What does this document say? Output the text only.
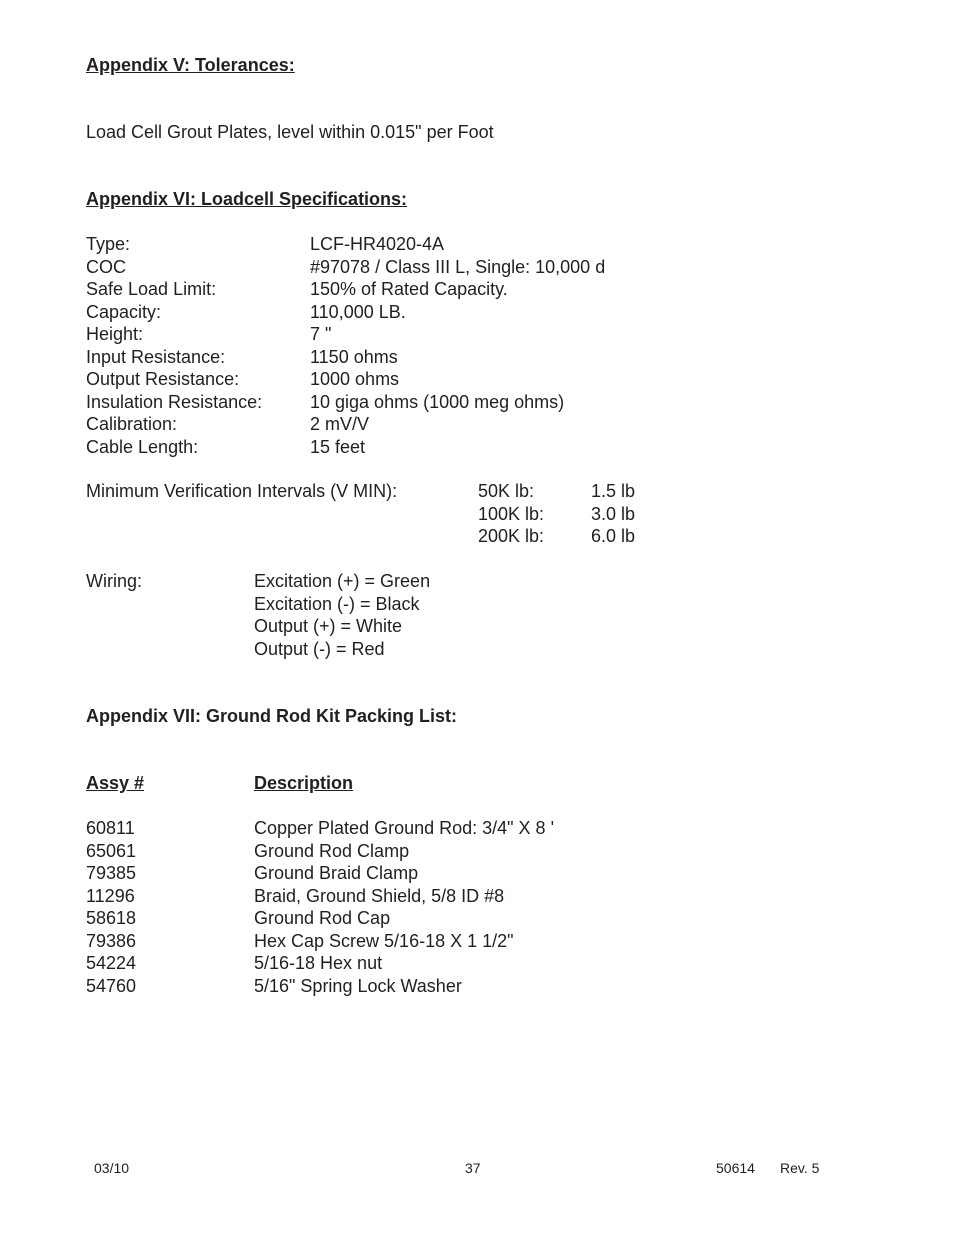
Appendix V: Tolerances:
Load Cell Grout Plates, level within 0.015" per Foot
Appendix VI: Loadcell Specifications:
Type:	LCF-HR4020-4A
COC	#97078 / Class III L, Single: 10,000 d
Safe Load Limit:	150% of Rated Capacity.
Capacity:	110,000 LB.
Height:	7 "
Input Resistance:	1150 ohms
Output Resistance:	1000 ohms
Insulation Resistance:	10 giga ohms (1000 meg ohms)
Calibration:	2 mV/V
Cable Length:	15 feet
Minimum Verification Intervals (V MIN):	50K lb:	1.5 lb
100K lb:	3.0 lb
200K lb:	6.0 lb
Wiring:	Excitation (+) = Green
Excitation (-) = Black
Output (+) = White
Output (-) = Red
Appendix VII: Ground Rod Kit Packing List:
Assy #	Description
60811	Copper Plated Ground Rod: 3/4" X 8 '
65061	Ground Rod Clamp
79385	Ground Braid Clamp
11296	Braid, Ground Shield, 5/8 ID #8
58618	Ground Rod Cap
79386	Hex Cap Screw 5/16-18 X 1 1/2"
54224	5/16-18 Hex nut
54760	5/16" Spring Lock Washer
03/10	37	50614 Rev. 5
